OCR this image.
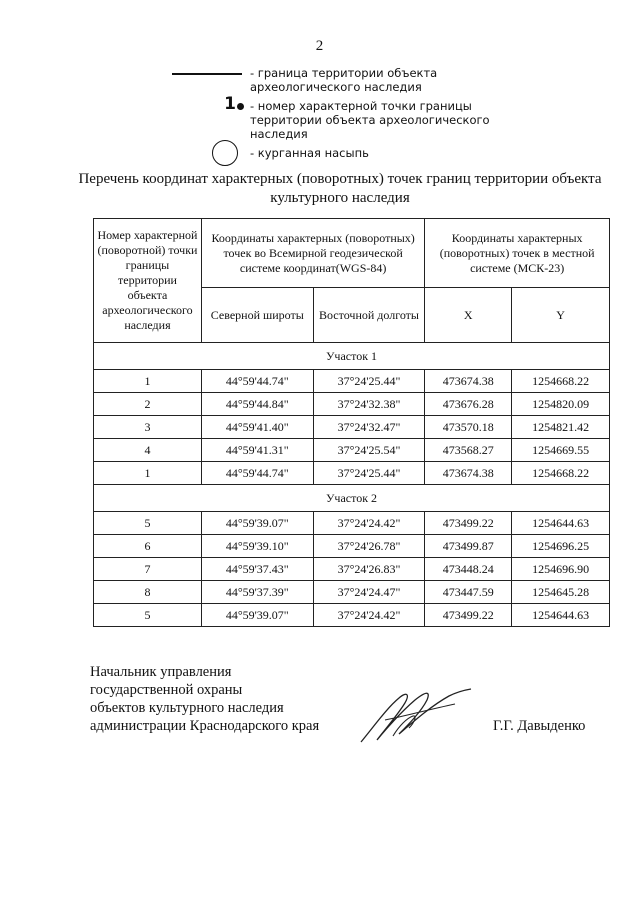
2
- граница территории объекта археологического наследия
1 - номер характерной точки границы территории объекта археологического наследия
- курганная насыпь
Перечень координат характерных (поворотных) точек границ территории объекта культурного наследия
Номер характерной (поворотной) точки границы территории объекта археологического наследия	Координаты характерных (поворотных) точек во Всемирной геодезической системе координат(WGS-84)		Координаты характерных (поворотных) точек в местной системе (МСК-23)	
	Северной широты	Восточной долготы	X	Y
Участок 1				
1	44°59'44.74"	37°24'25.44"	473674.38	1254668.22
2	44°59'44.84"	37°24'32.38"	473676.28	1254820.09
3	44°59'41.40"	37°24'32.47"	473570.18	1254821.42
4	44°59'41.31"	37°24'25.54"	473568.27	1254669.55
1	44°59'44.74"	37°24'25.44"	473674.38	1254668.22
Участок 2				
5	44°59'39.07"	37°24'24.42"	473499.22	1254644.63
6	44°59'39.10"	37°24'26.78"	473499.87	1254696.25
7	44°59'37.43"	37°24'26.83"	473448.24	1254696.90
8	44°59'37.39"	37°24'24.47"	473447.59	1254645.28
5	44°59'39.07"	37°24'24.42"	473499.22	1254644.63
Начальник управления
государственной охраны
объектов культурного наследия
администрации Краснодарского края	Г.Г. Давыденко
